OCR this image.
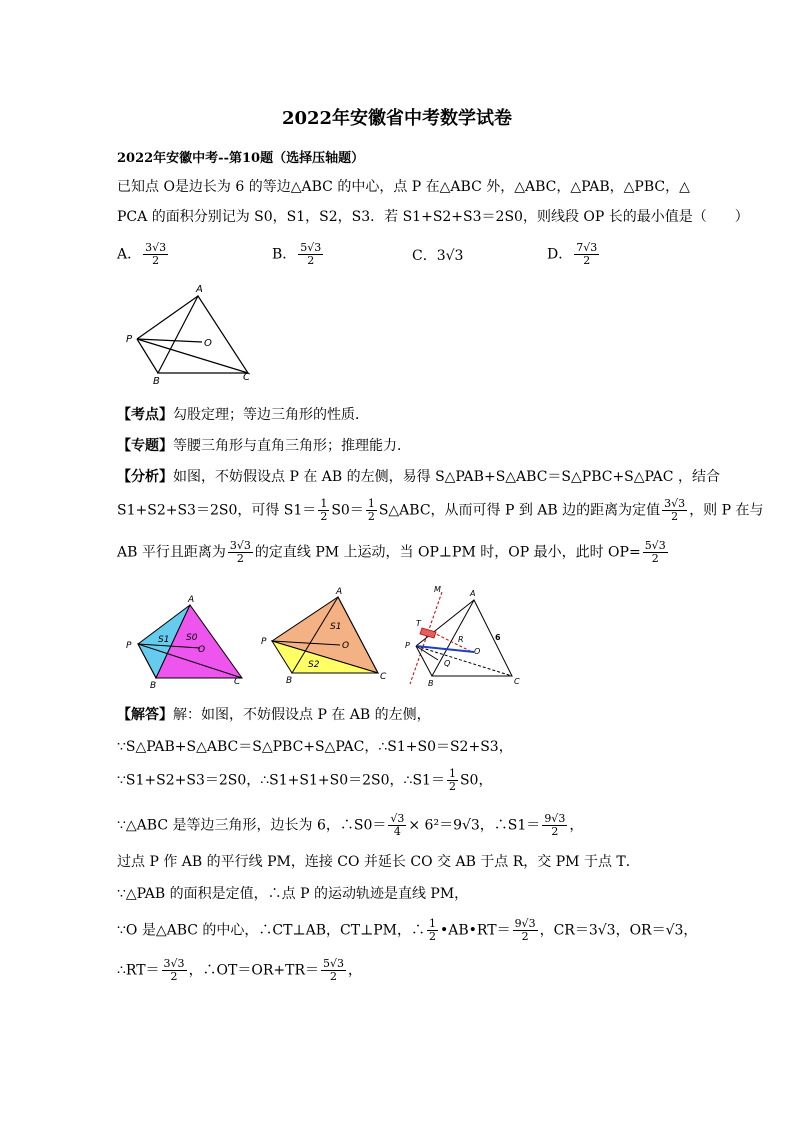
2022年安徽省中考数学试卷
2022年安徽中考--第10题（选择压轴题）
已知点 O是边长为 6 的等边△ABC 的中心，点 P 在△ABC 外，△ABC，△PAB，△PBC，△
PCA 的面积分别记为 S0，S1，S2，S3．若 S1+S2+S3＝2S0，则线段 OP 长的最小值是（　　）
A． $\frac{3√3}{2}$	B． $\frac{5√3}{2}$	C．3√3	D． $\frac{7√3}{2}$
A
P	O
B	C
【考点】勾股定理；等边三角形的性质．
【专题】等腰三角形与直角三角形；推理能力．
【分析】如图，不妨假设点 P 在 AB 的左侧，易得 S△PAB+S△ABC＝S△PBC+S△PAC ，结合
S1+S2+S3＝2S0，可得 $S1= \frac{1}{2} S0= \frac{1}{2}$ S△ABC，从而可得 P 到 AB 边的距离为定值 $\frac{3√3}{2}$ ，则 P 在与
AB 平行且距离为 $\frac{3√3}{2}$ 的定直线 PM 上运动，当 OP⊥PM 时，OP 最小，此时 $OP= \frac{5√3}{2}$
A
P
S1 S0
O
B	C
A
P
S1
S2
O
B	C
M	A
T
R
P
O
Q
B	C
6
【解答】解：如图，不妨假设点 P 在 AB 的左侧，
∵S△PAB+S△ABC＝S△PBC+S△PAC，∴S1+S0＝S2+S3，
∵S1+S2+S3＝2S0，∴S1+S1+S0＝2S0，∴S1＝ $\frac{1}{2} S0$，
∵△ABC 是等边三角形，边长为 6，∴S0＝ $\frac{√3}{4} \times 6^2=9√3$，∴S1＝ $\frac{9√3}{2}$ ，
过点 P 作 AB 的平行线 PM，连接 CO 并延长 CO 交 AB 于点 R，交 PM 于点 T．
∵△PAB 的面积是定值，∴点 P 的运动轨迹是直线 PM，
∵O 是△ABC 的中心，∴CT⊥AB，CT⊥PM，∴ $\frac{1}{2}$ •AB•RT＝ $\frac{9√3}{2}$ ，CR＝3√3，OR＝√3，
∴RT＝ $\frac{3√3}{2}$ ，∴OT＝OR+TR＝ $\frac{5√3}{2}$ ，
